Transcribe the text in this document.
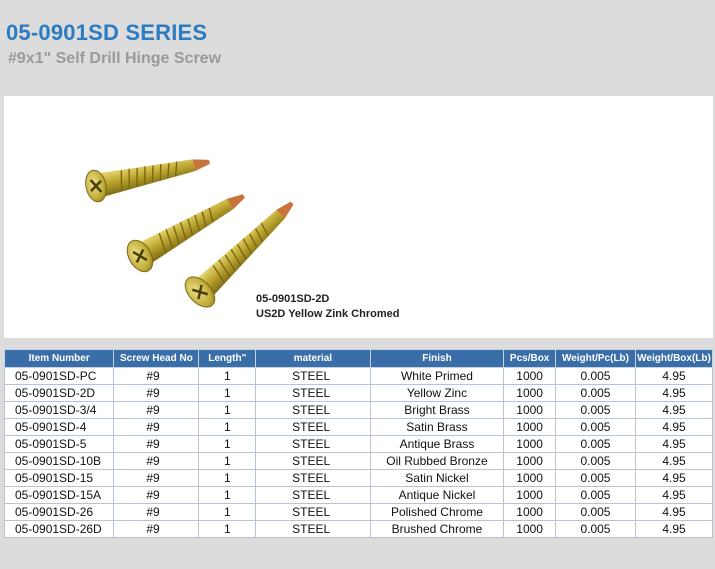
05-0901SD SERIES
#9x1" Self Drill Hinge Screw
05-0901SD-2D
US2D Yellow Zink Chromed
Item Number	Screw Head No	Length"	material	Finish	Pcs/Box	Weight/Pc(Lb)	Weight/Box(Lb)
05-0901SD-PC	#9	1	STEEL	White Primed	1000	0.005	4.95
05-0901SD-2D	#9	1	STEEL	Yellow Zinc	1000	0.005	4.95
05-0901SD-3/4	#9	1	STEEL	Bright Brass	1000	0.005	4.95
05-0901SD-4	#9	1	STEEL	Satin Brass	1000	0.005	4.95
05-0901SD-5	#9	1	STEEL	Antique Brass	1000	0.005	4.95
05-0901SD-10B	#9	1	STEEL	Oil Rubbed Bronze	1000	0.005	4.95
05-0901SD-15	#9	1	STEEL	Satin Nickel	1000	0.005	4.95
05-0901SD-15A	#9	1	STEEL	Antique Nickel	1000	0.005	4.95
05-0901SD-26	#9	1	STEEL	Polished Chrome	1000	0.005	4.95
05-0901SD-26D	#9	1	STEEL	Brushed Chrome	1000	0.005	4.95
